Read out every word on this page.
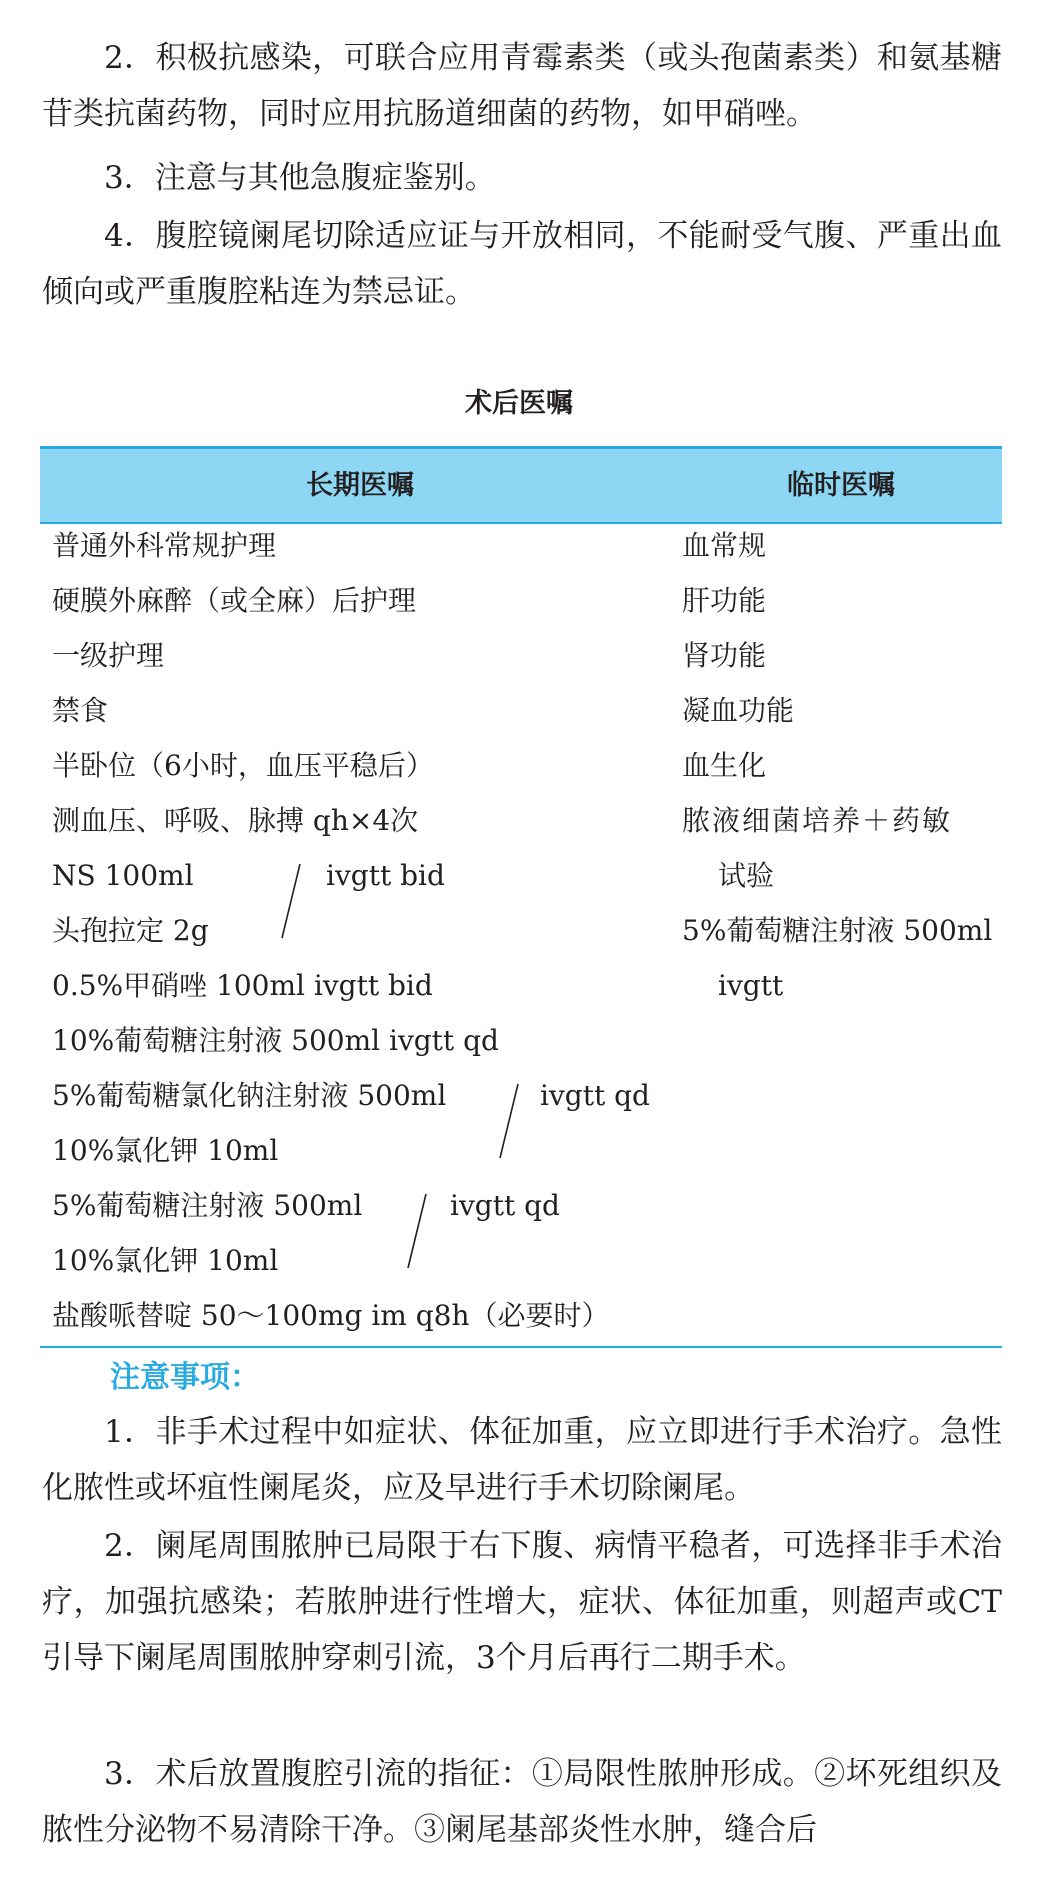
2．积极抗感染，可联合应用青霉素类（或头孢菌素类）和氨基糖苷类抗菌药物，同时应用抗肠道细菌的药物，如甲硝唑。

3．注意与其他急腹症鉴别。

4．腹腔镜阑尾切除适应证与开放相同，不能耐受气腹、严重出血倾向或严重腹腔粘连为禁忌证。

术后医嘱
长期医嘱	临时医嘱
普通外科常规护理
硬膜外麻醉（或全麻）后护理
一级护理
禁食
半卧位（6小时，血压平稳后）
测血压、呼吸、脉搏 qh×4次
NS 100ml
头孢拉定 2g
0.5%甲硝唑 100ml ivgtt bid
10%葡萄糖注射液 500ml ivgtt qd
5%葡萄糖氯化钠注射液 500ml
10%氯化钾 10ml
5%葡萄糖注射液 500ml
10%氯化钾 10ml
盐酸哌替啶 50～100mg im q8h（必要时）
ivgtt bid
ivgtt qd
ivgtt qd
血常规
肝功能
肾功能
凝血功能
血生化
脓液细菌培养＋药敏
试验
5%葡萄糖注射液 500ml
ivgtt
注意事项：

1．非手术过程中如症状、体征加重，应立即进行手术治疗。急性化脓性或坏疽性阑尾炎，应及早进行手术切除阑尾。

2．阑尾周围脓肿已局限于右下腹、病情平稳者，可选择非手术治疗，加强抗感染；若脓肿进行性增大，症状、体征加重，则超声或CT引导下阑尾周围脓肿穿刺引流，3个月后再行二期手术。

3．术后放置腹腔引流的指征：①局限性脓肿形成。②坏死组织及脓性分泌物不易清除干净。③阑尾基部炎性水肿，缝合后
